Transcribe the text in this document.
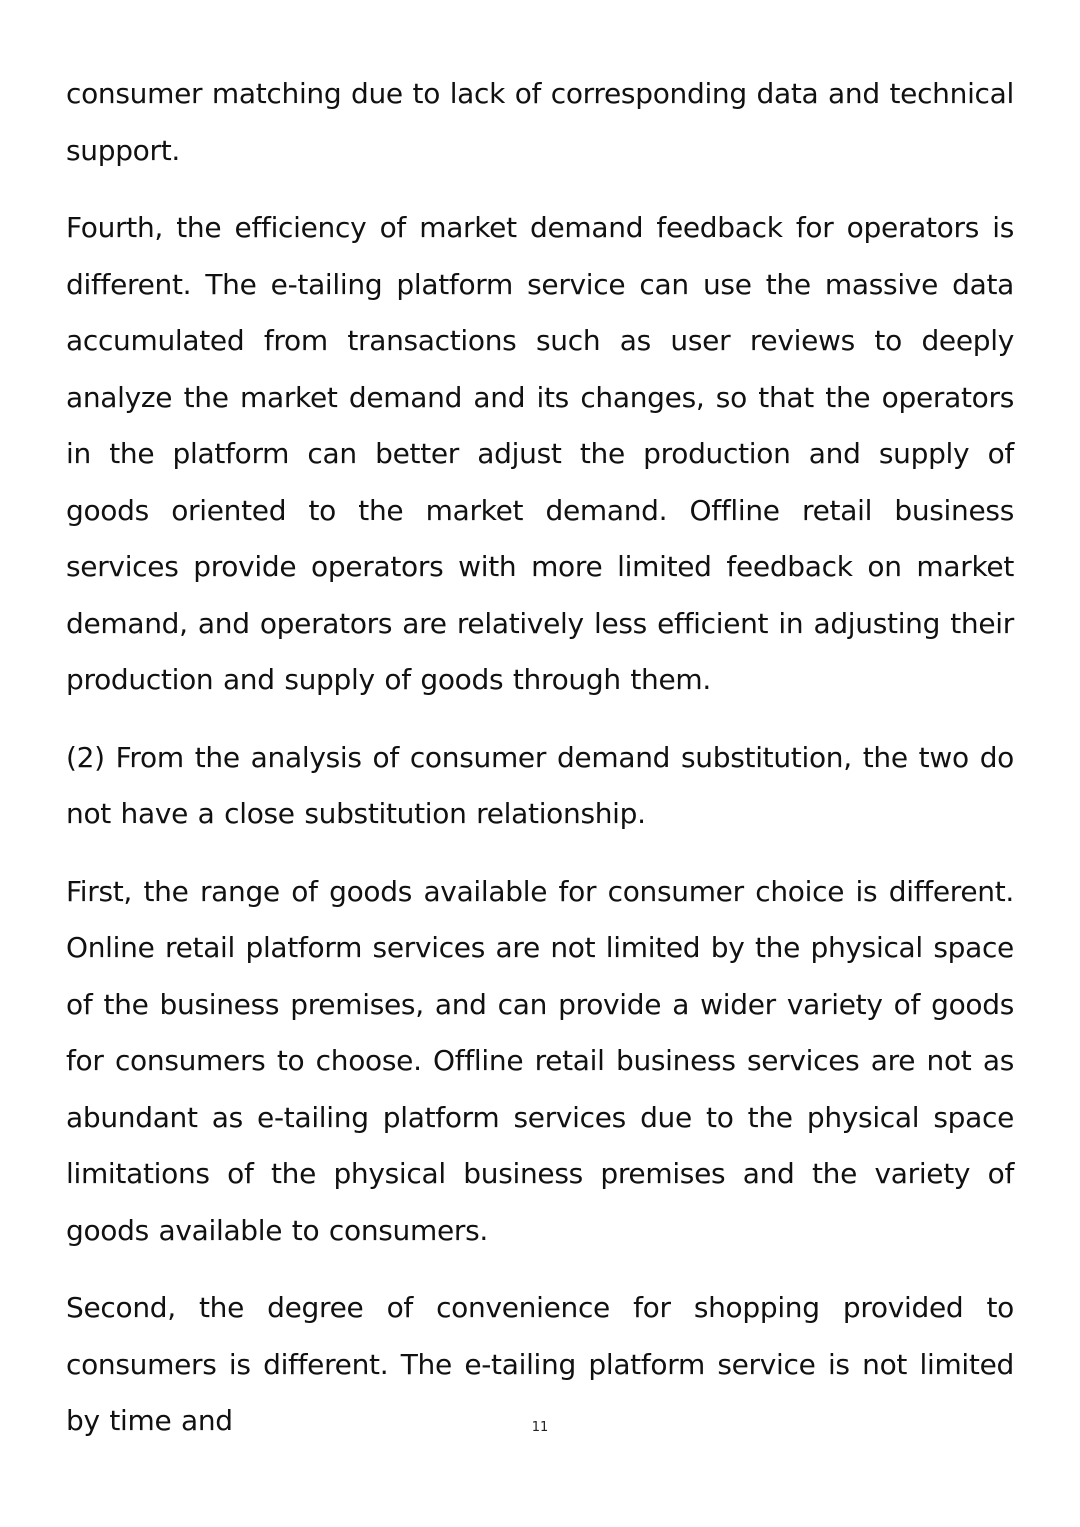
consumer matching due to lack of corresponding data and technical support.

Fourth, the efficiency of market demand feedback for operators is different. The e-tailing platform service can use the massive data accumulated from transactions such as user reviews to deeply analyze the market demand and its changes, so that the operators in the platform can better adjust the production and supply of goods oriented to the market demand. Offline retail business services provide operators with more limited feedback on market demand, and operators are relatively less efficient in adjusting their production and supply of goods through them.

(2) From the analysis of consumer demand substitution, the two do not have a close substitution relationship.

First, the range of goods available for consumer choice is different. Online retail platform services are not limited by the physical space of the business premises, and can provide a wider variety of goods for consumers to choose. Offline retail business services are not as abundant as e-tailing platform services due to the physical space limitations of the physical business premises and the variety of goods available to consumers.

Second, the degree of convenience for shopping provided to consumers is different. The e-tailing platform service is not limited by time and	11
